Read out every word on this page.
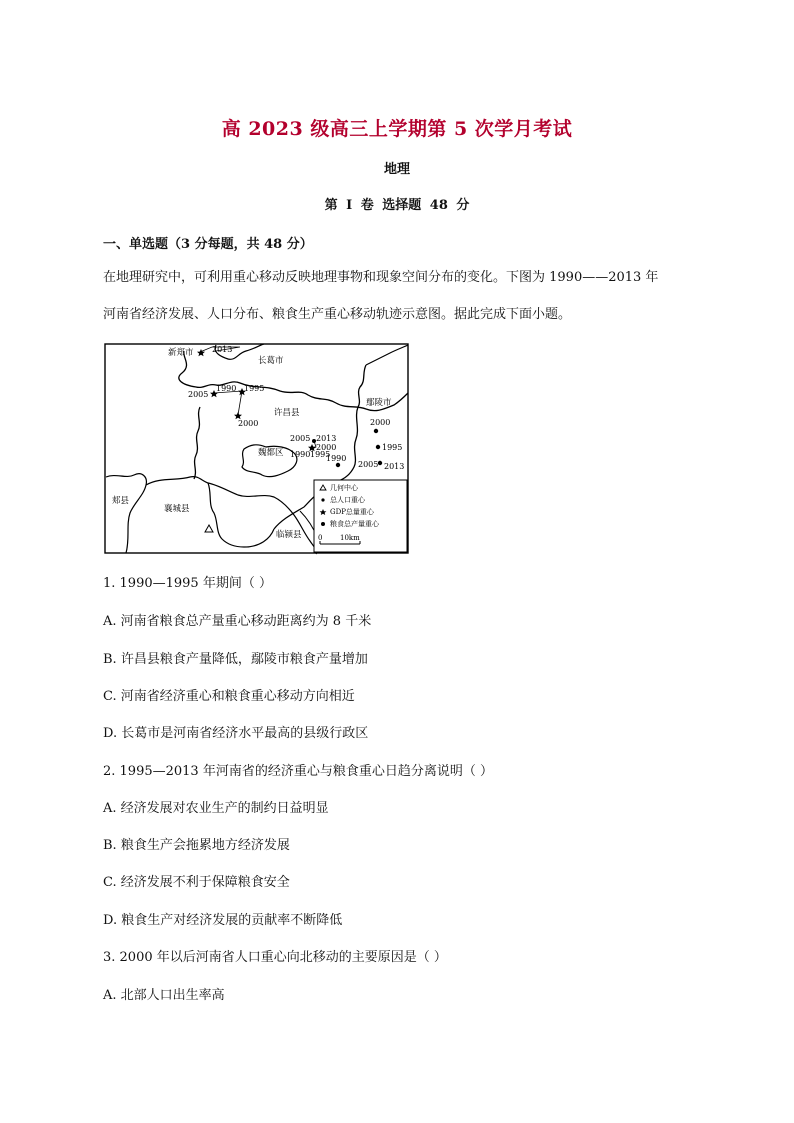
高 2023 级高三上学期第 5 次学月考试
地理
第 I 卷 选择题 48 分
一、单选题（3 分每题，共 48 分）
在地理研究中，可利用重心移动反映地理事物和现象空间分布的变化。下图为 1990——2013 年
河南省经济发展、人口分布、粮食生产重心移动轨迹示意图。据此完成下面小题。
新郑市
长葛市
鄢陵市
许昌县
魏都区
郏县
襄城县
临颍县
2013
1990 1995
2005
2000
2005 2013
2000
1990 1995
2000
1995
2005 2013
1990
几何中心
总人口重心
GDP总量重心
粮食总产量重心
0	10km
1. 1990—1995 年期间（ ）
A. 河南省粮食总产量重心移动距离约为 8 千米
B. 许昌县粮食产量降低，鄢陵市粮食产量增加
C. 河南省经济重心和粮食重心移动方向相近
D. 长葛市是河南省经济水平最高的县级行政区
2. 1995—2013 年河南省的经济重心与粮食重心日趋分离说明（ ）
A. 经济发展对农业生产的制约日益明显
B. 粮食生产会拖累地方经济发展
C. 经济发展不利于保障粮食安全
D. 粮食生产对经济发展的贡献率不断降低
3. 2000 年以后河南省人口重心向北移动的主要原因是（ ）
A. 北部人口出生率高
